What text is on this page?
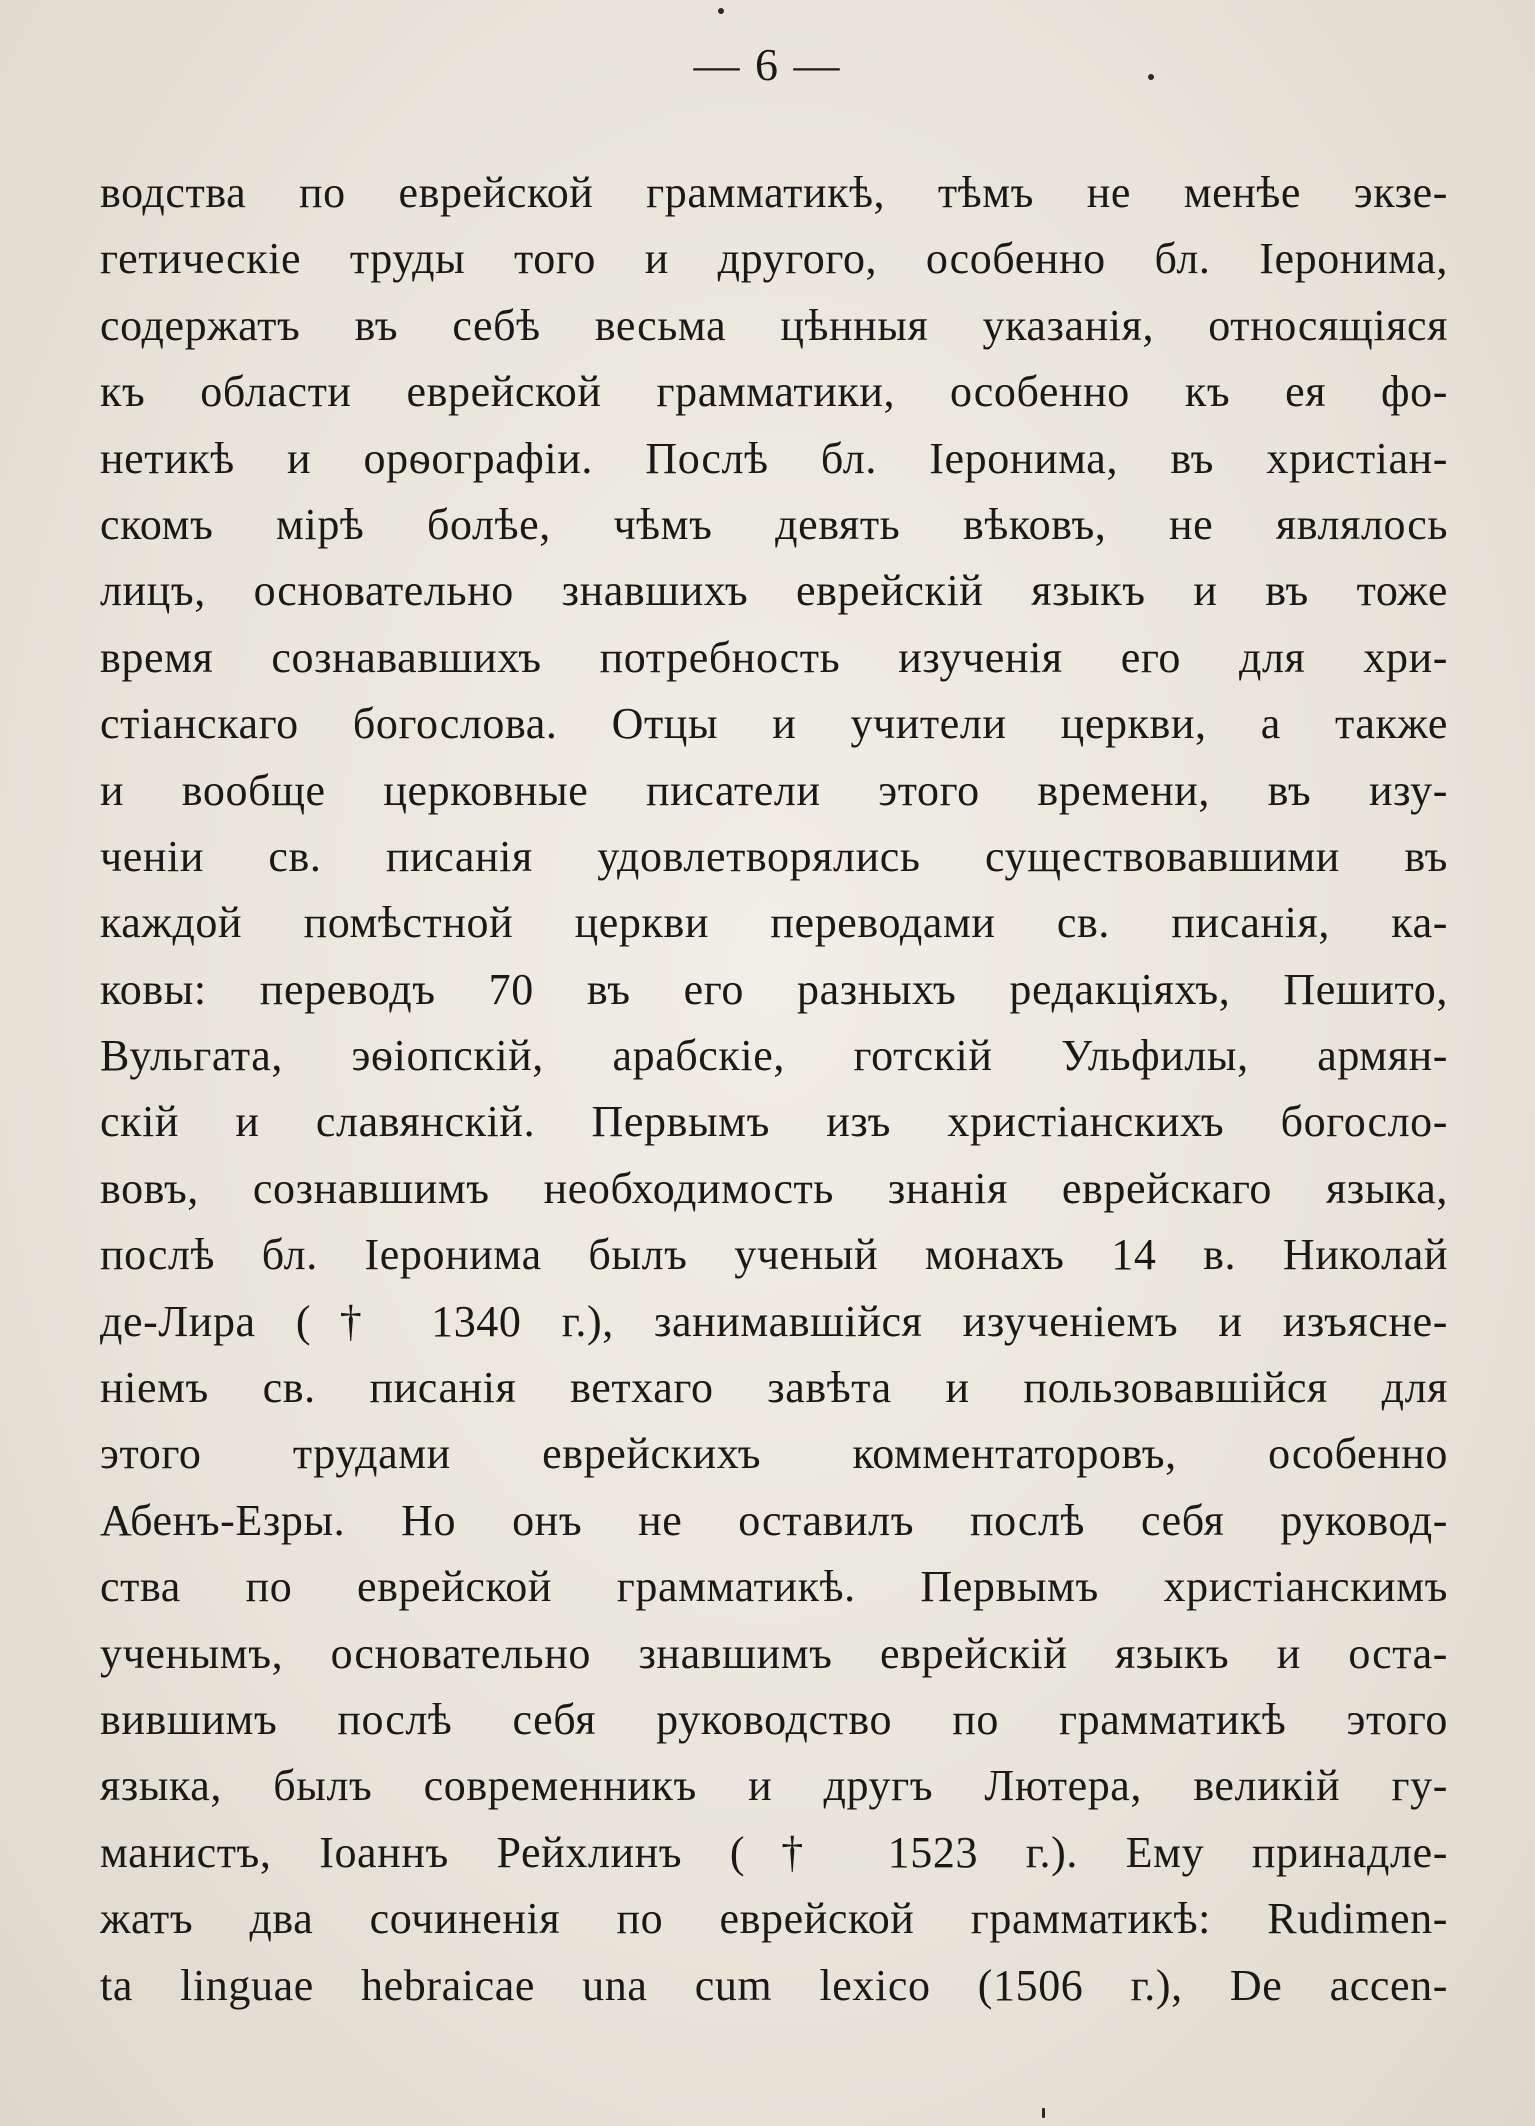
— 6 —
водства по еврейской грамматикѣ, тѣмъ не менѣе экзе-
гетическіе труды того и другого, особенно бл. Іеронима,
содержатъ въ себѣ весьма цѣнныя указанія, относящіяся
къ области еврейской грамматики, особенно къ ея фо-
нетикѣ и орѳографіи. Послѣ бл. Іеронима, въ христіан-
скомъ мірѣ болѣе, чѣмъ девять вѣковъ, не являлось
лицъ, основательно знавшихъ еврейскій языкъ и въ тоже
время сознававшихъ потребность изученія его для хри-
стіанскаго богослова. Отцы и учители церкви, а также
и вообще церковные писатели этого времени, въ изу-
ченіи св. писанія удовлетворялись существовавшими въ
каждой помѣстной церкви переводами св. писанія, ка-
ковы: переводъ 70 въ его разныхъ редакціяхъ, Пешито,
Вульгата, эѳіопскій, арабскіе, готскій Ульфилы, армян-
скій и славянскій. Первымъ изъ христіанскихъ богосло-
вовъ, сознавшимъ необходимость знанія еврейскаго языка,
послѣ бл. Іеронима былъ ученый монахъ 14 в. Николай
де-Лира († 1340 г.), занимавшійся изученіемъ и изъясне-
ніемъ св. писанія ветхаго завѣта и пользовавшійся для
этого трудами еврейскихъ комментаторовъ, особенно
Абенъ-Езры. Но онъ не оставилъ послѣ себя руковод-
ства по еврейской грамматикѣ. Первымъ христіанскимъ
ученымъ, основательно знавшимъ еврейскій языкъ и оста-
вившимъ послѣ себя руководство по грамматикѣ этого
языка, былъ современникъ и другъ Лютера, великій гу-
манистъ, Іоаннъ Рейхлинъ († 1523 г.). Ему принадле-
жатъ два сочиненія по еврейской грамматикѣ: Rudimen-
ta linguae hebraicae una cum lexico (1506 г.), De accen-
